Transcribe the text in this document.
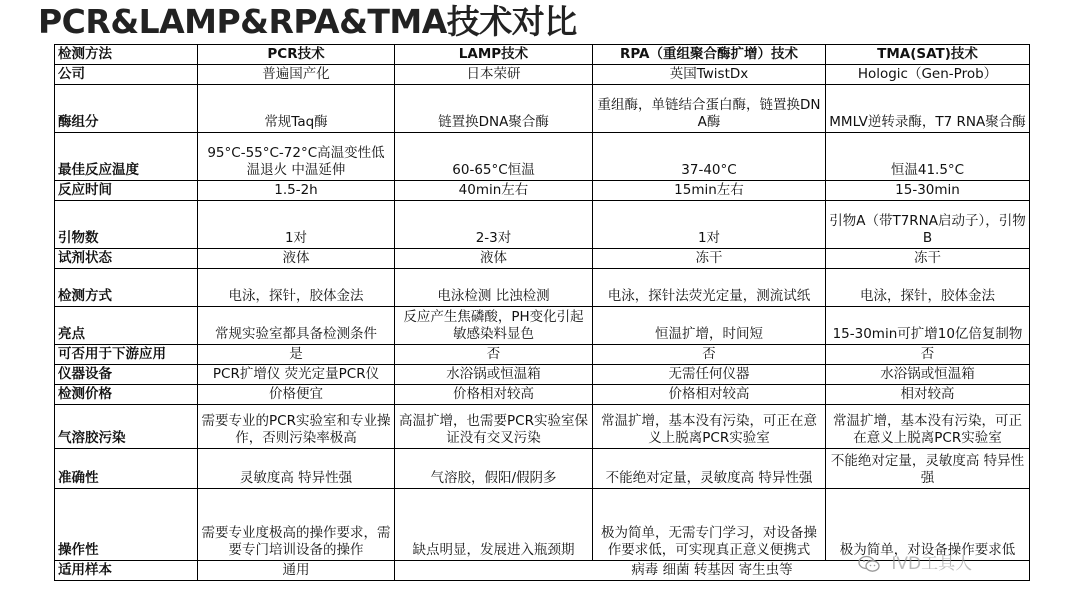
PCR&LAMP&RPA&TMA技术对比
检测方法	PCR技术	LAMP技术	RPA（重组聚合酶扩增）技术	TMA(SAT)技术
公司	普遍国产化	日本荣研	英国TwistDx	Hologic（Gen-Prob）
酶组分	常规Taq酶	链置换DNA聚合酶	重组酶，单链结合蛋白酶，链置换DNA酶	MMLV逆转录酶，T7 RNA聚合酶
最佳反应温度	95°C-55°C-72°C高温变性低温退火 中温延伸	60-65°C恒温	37-40°C	恒温41.5°C
反应时间	1.5-2h	40min左右	15min左右	15-30min
引物数	1对	2-3对	1对	引物A（带T7RNA启动子），引物B
试剂状态	液体	液体	冻干	冻干
检测方式	电泳，探针，胶体金法	电泳检测 比浊检测	电泳，探针法荧光定量，测流试纸	电泳，探针，胶体金法
亮点	常规实验室都具备检测条件	反应产生焦磷酸，PH变化引起敏感染料显色	恒温扩增，时间短	15-30min可扩增10亿倍复制物
可否用于下游应用	是	否	否	否
仪器设备	PCR扩增仪 荧光定量PCR仪	水浴锅或恒温箱	无需任何仪器	水浴锅或恒温箱
检测价格	价格便宜	价格相对较高	价格相对较高	相对较高
气溶胶污染	需要专业的PCR实验室和专业操作，否则污染率极高	高温扩增，也需要PCR实验室保证没有交叉污染	常温扩增，基本没有污染，可正在意义上脱离PCR实验室	常温扩增，基本没有污染，可正在意义上脱离PCR实验室
准确性	灵敏度高 特异性强	气溶胶，假阳/假阴多	不能绝对定量，灵敏度高 特异性强	不能绝对定量，灵敏度高 特异性强
操作性	需要专业度极高的操作要求，需要专门培训设备的操作	缺点明显，发展进入瓶颈期	极为简单，无需专门学习，对设备操作要求低，可实现真正意义便携式	极为简单，对设备操作要求低
适用样本	通用	病毒 细菌 转基因 寄生虫等			IVD工具人
